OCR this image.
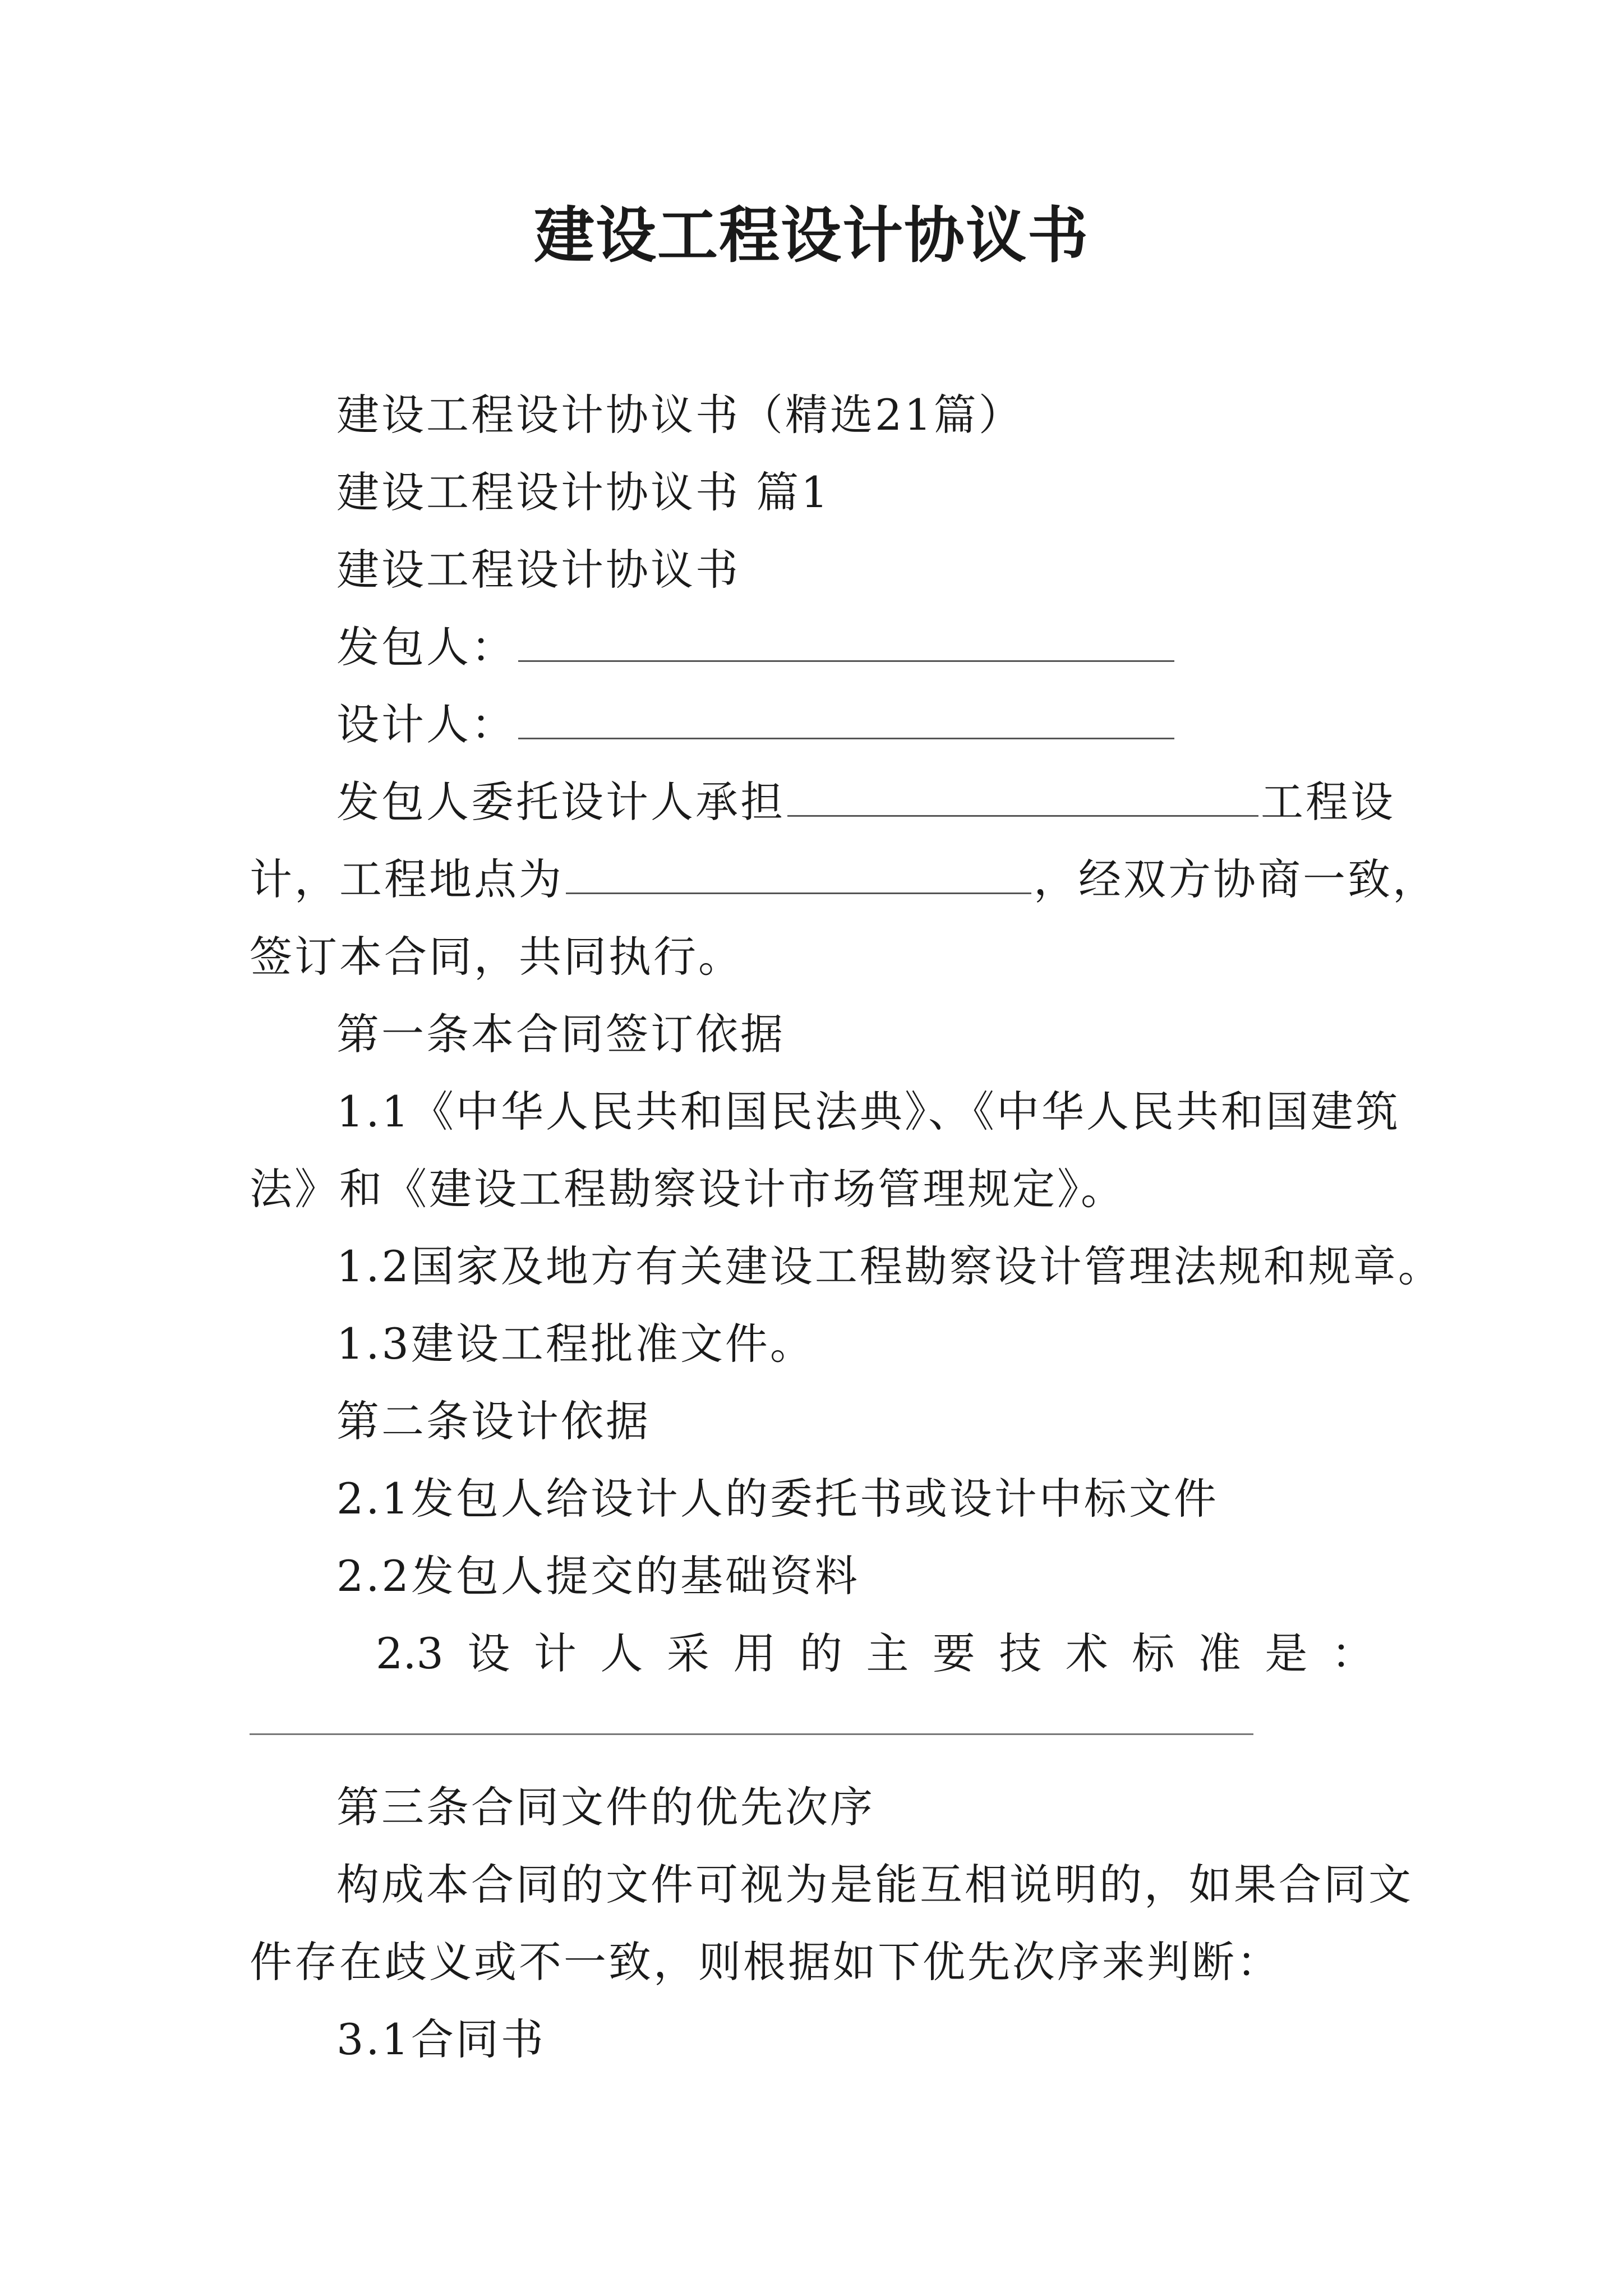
建设工程设计协议书
建设工程设计协议书（精选21篇）
建设工程设计协议书 篇1
建设工程设计协议书
发包人：
设计人：
发包人委托设计人承担	工程设
计，工程地点为	，经双方协商一致，
签订本合同，共同执行。
第一条本合同签订依据
1.1《中华人民共和国民法典》、《中华人民共和国建筑
法》和《建设工程勘察设计市场管理规定》。
1.2国家及地方有关建设工程勘察设计管理法规和规章。
1.3建设工程批准文件。
第二条设计依据
2.1发包人给设计人的委托书或设计中标文件
2.2发包人提交的基础资料
2.3 设 计 人 采 用 的 主 要 技 术 标 准 是 ：
第三条合同文件的优先次序
构成本合同的文件可视为是能互相说明的，如果合同文
件存在歧义或不一致，则根据如下优先次序来判断：
3.1合同书
